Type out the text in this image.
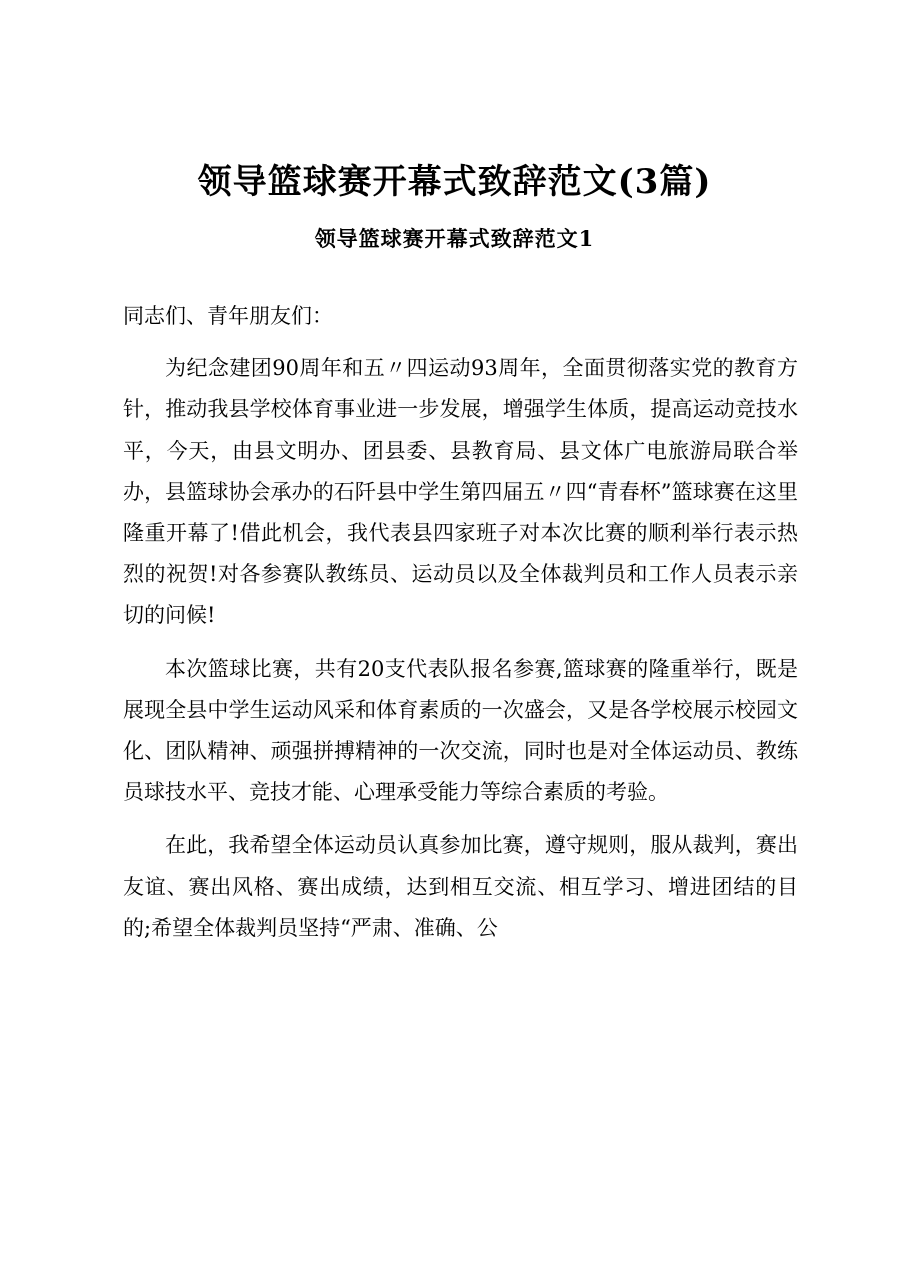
领导篮球赛开幕式致辞范文(3篇)
领导篮球赛开幕式致辞范文1

同志们、青年朋友们：

为纪念建团90周年和五〃四运动93周年，全面贯彻落实党的教育方针，推动我县学校体育事业进一步发展，增强学生体质，提高运动竞技水平，今天，由县文明办、团县委、县教育局、县文体广电旅游局联合举办，县篮球协会承办的石阡县中学生第四届五〃四“青春杯”篮球赛在这里隆重开幕了!借此机会，我代表县四家班子对本次比赛的顺利举行表示热烈的祝贺!对各参赛队教练员、运动员以及全体裁判员和工作人员表示亲切的问候!

本次篮球比赛，共有20支代表队报名参赛,篮球赛的隆重举行，既是展现全县中学生运动风采和体育素质的一次盛会，又是各学校展示校园文化、团队精神、顽强拼搏精神的一次交流，同时也是对全体运动员、教练员球技水平、竞技才能、心理承受能力等综合素质的考验。

在此，我希望全体运动员认真参加比赛，遵守规则，服从裁判，赛出友谊、赛出风格、赛出成绩，达到相互交流、相互学习、增进团结的目的;希望全体裁判员坚持“严肃、准确、公
